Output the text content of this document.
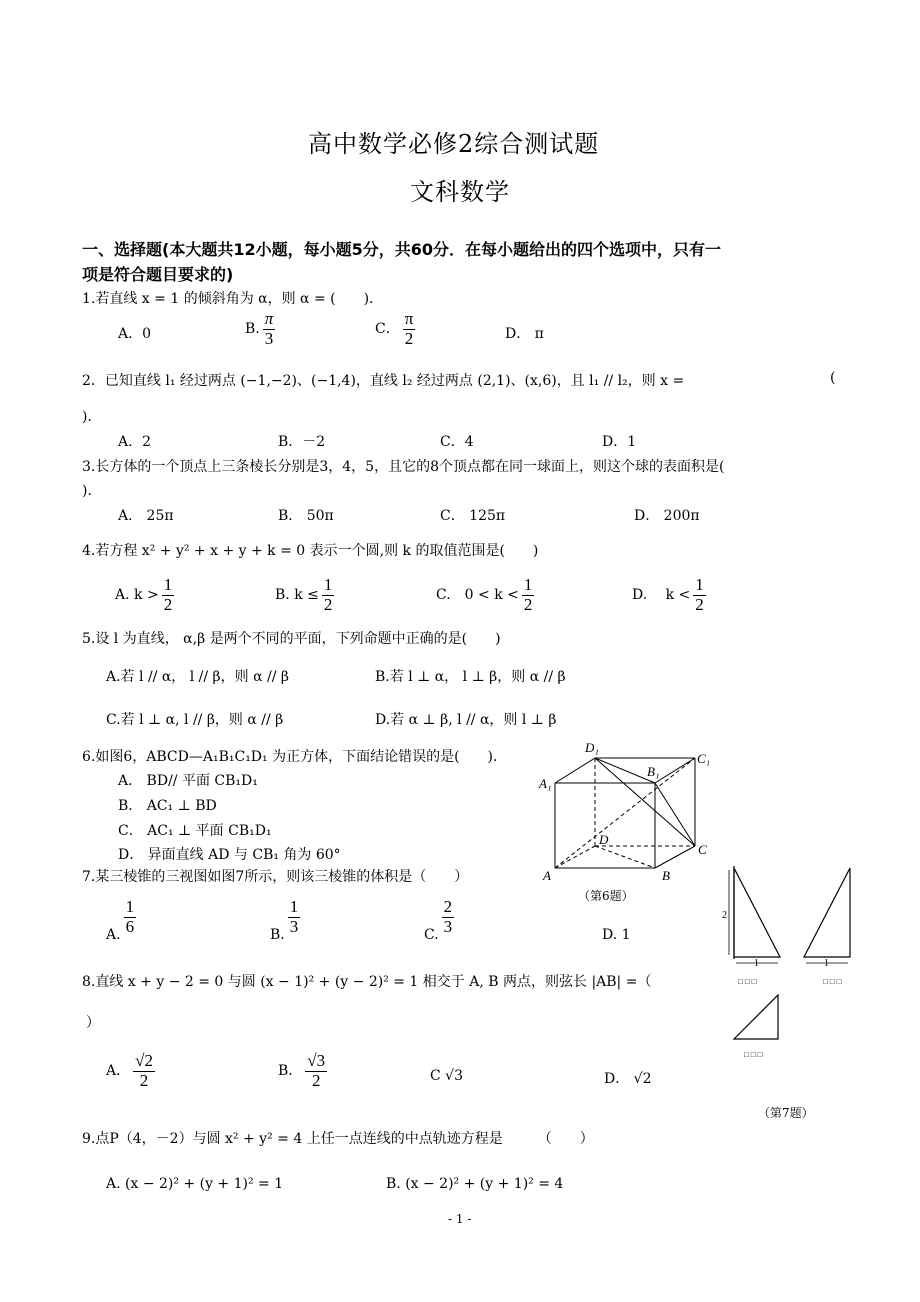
高中数学必修2综合测试题
文科数学
一、选择题(本大题共12小题，每小题5分，共60分．在每小题给出的四个选项中，只有一
项是符合题目要求的)
1.若直线 x = 1 的倾斜角为 α，则 α = (　　)．
A．0	B. $\frac{\pi}{3}$	C． $\frac{\pi}{2}$	D． π
2．已知直线 l₁ 经过两点 (−1,−2)、(−1,4)，直线 l₂ 经过两点 (2,1)、(x,6)，且 l₁ // l₂，则 x =	(
)．
A．2	B．－2	C．4	D．1
3.长方体的一个顶点上三条棱长分别是3，4，5，且它的8个顶点都在同一球面上，则这个球的表面积是(
)．
A． 25π	B． 50π	C． 125π	D． 200π
4.若方程 x² + y² + x + y + k = 0 表示一个圆,则 k 的取值范围是(　　)
A. $k > \frac{1}{2}$	B. $k \le \frac{1}{2}$	C.　$0 < k < \frac{1}{2}$	D.　 $k < \frac{1}{2}$
5.设 l 为直线， α,β 是两个不同的平面，下列命题中正确的是(　　)
A.若 l // α， l // β，则 α // β	B.若 l ⊥ α， l ⊥ β，则 α // β
C.若 l ⊥ α, l // β，则 α // β	D.若 α ⊥ β, l // α，则 l ⊥ β
6.如图6，ABCD—A₁B₁C₁D₁ 为正方体，下面结论错误的是(　　)．
A． BD// 平面 CB₁D₁
B． AC₁ ⊥ BD
C． AC₁ ⊥ 平面 CB₁D₁
D． 异面直线 AD 与 CB₁ 角为 60°
D₁
C₁
B₁
A₁
D
C
A	B
（第6题）
7.某三棱锥的三视图如图7所示，则该三棱锥的体积是（　　）
A. $\frac{1}{6}$	B. $\frac{1}{3}$	C. $\frac{2}{3}$	D. 1
2
1	1
□ □ □	□ □ □
□ □ □
（第7题）
8.直线 x + y − 2 = 0 与圆 (x − 1)² + (y − 2)² = 1 相交于 A, B 两点，则弦长 |AB| =（
）
A． $\frac{√2}{2}$	B． $\frac{√3}{2}$	C √3	D． √2
9.点P（4，－2）与圆 x² + y² = 4 上任一点连线的中点轨迹方程是　　　（　　）
A. (x − 2)² + (y + 1)² = 1	B. (x − 2)² + (y + 1)² = 4
- 1 -
